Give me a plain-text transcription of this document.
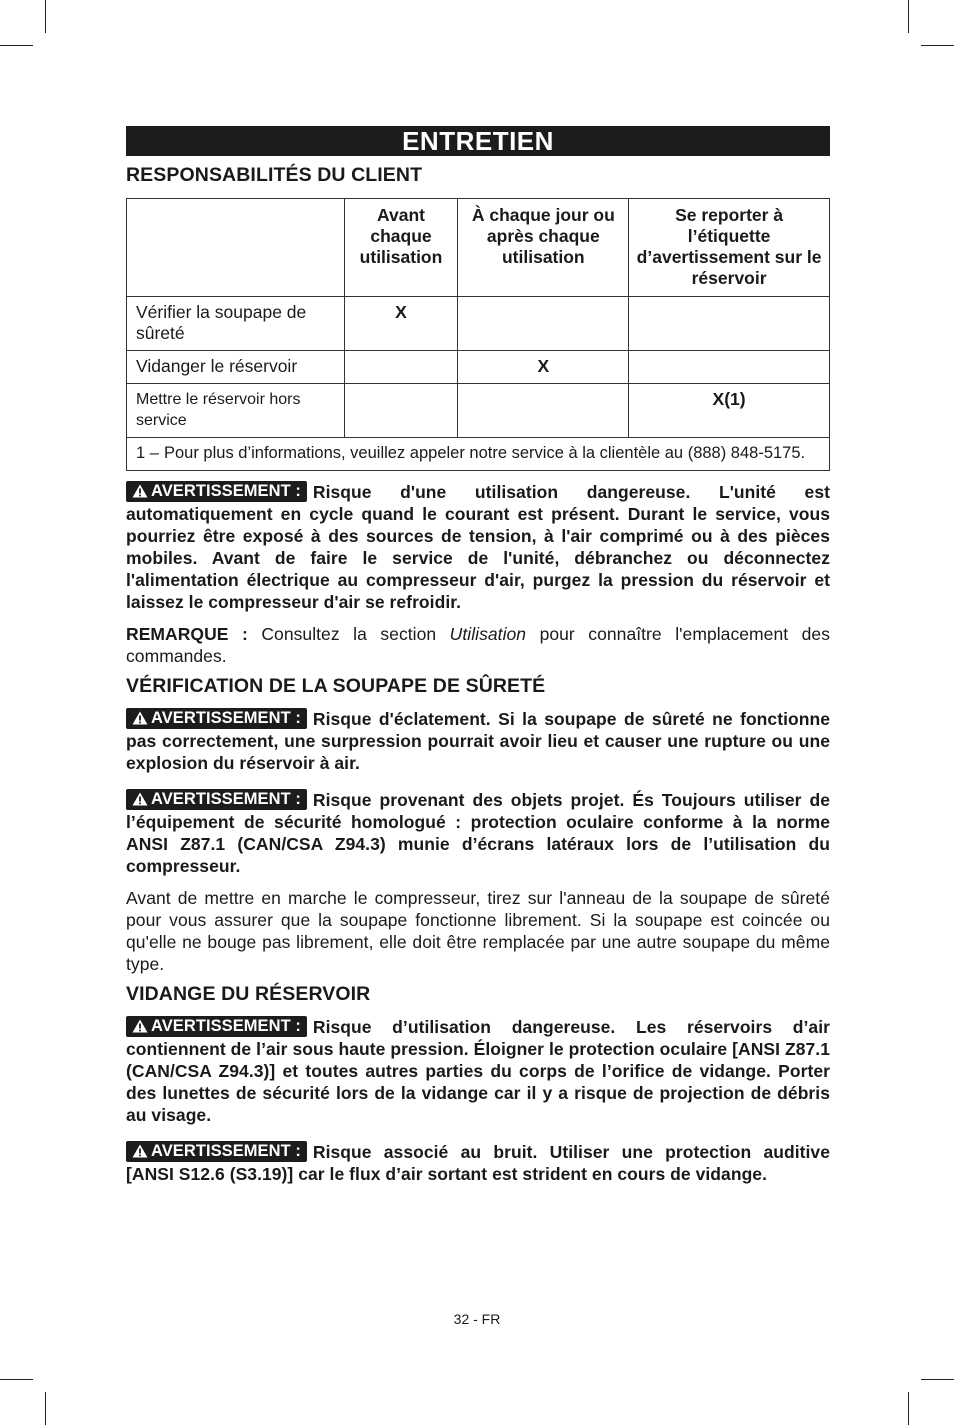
ENTRETIEN
RESPONSABILITÉS DU CLIENT
	Avant chaque utilisation	À chaque jour ou après chaque utilisation	Se reporter à l’étiquette d’avertissement sur le réservoir
Vérifier la soupape de sûreté	X		
Vidanger le réservoir		X	
Mettre le réservoir hors service			X(1)

1 – Pour plus d’informations, veuillez appeler notre service à la clientèle au (888) 848-5175.			

AVERTISSEMENT : Risque d'une utilisation dangereuse. L'unité est automatiquement en cycle quand le courant est présent. Durant le service, vous pourriez être exposé à des sources de tension, à l'air comprimé ou à des pièces mobiles. Avant de faire le service de l'unité, débranchez ou déconnectez l'alimentation électrique au compresseur d'air, purgez la pression du réservoir et laissez le compresseur d'air se refroidir.

REMARQUE : Consultez la section Utilisation pour connaître l'emplacement des commandes.

VÉRIFICATION DE LA SOUPAPE DE SÛRETÉ

AVERTISSEMENT : Risque d'éclatement. Si la soupape de sûreté ne fonctionne pas correctement, une surpression pourrait avoir lieu et causer une rupture ou une explosion du réservoir à air.

AVERTISSEMENT : Risque provenant des objets projet. És Toujours utiliser de l’équipement de sécurité homologué : protection oculaire conforme à la norme ANSI Z87.1 (CAN/CSA Z94.3) munie d’écrans latéraux lors de l’utilisation du compresseur.

Avant de mettre en marche le compresseur, tirez sur l'anneau de la soupape de sûreté pour vous assurer que la soupape fonctionne librement. Si la soupape est coincée ou qu'elle ne bouge pas librement, elle doit être remplacée par une autre soupape du même type.

VIDANGE DU RÉSERVOIR

AVERTISSEMENT : Risque d’utilisation dangereuse. Les réservoirs d’air contiennent de l’air sous haute pression. Éloigner le protection oculaire [ANSI Z87.1 (CAN/CSA Z94.3)] et toutes autres parties du corps de l’orifice de vidange. Porter des lunettes de sécurité lors de la vidange car il y a risque de projection de débris au visage.

AVERTISSEMENT : Risque associé au bruit. Utiliser une protection auditive [ANSI S12.6 (S3.19)] car le flux d’air sortant est strident en cours de vidange.

32 - FR
